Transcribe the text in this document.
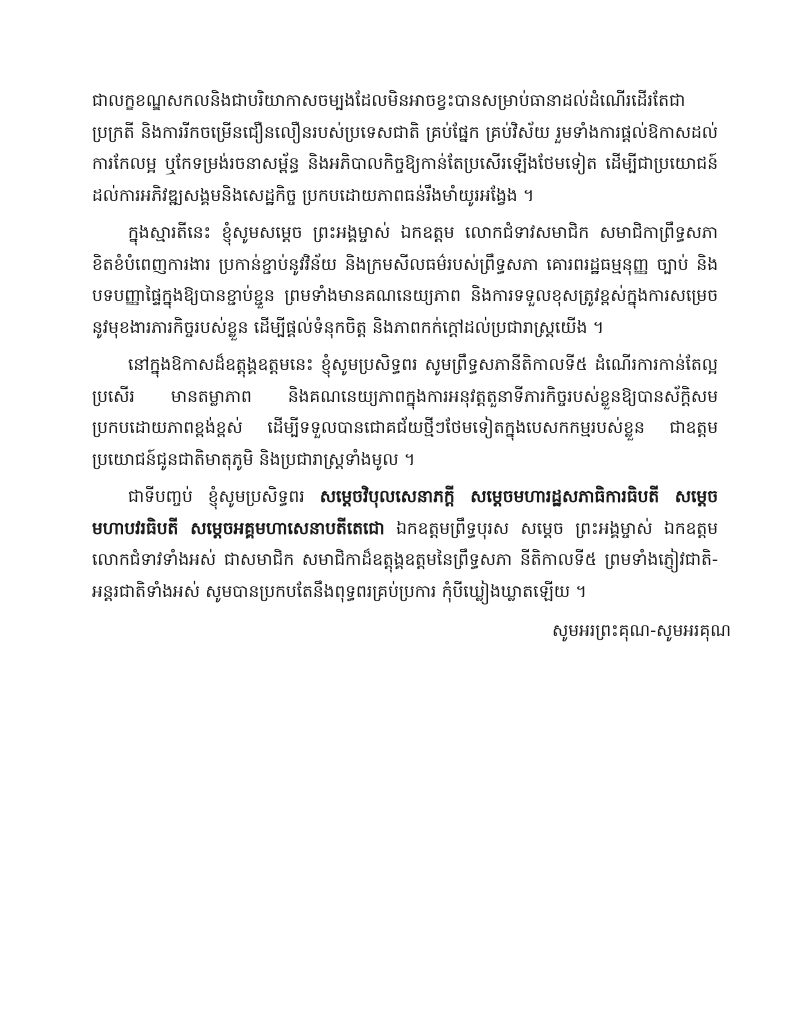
ជាលក្ខខណ្ឌសកលនិងជាបរិយាកាសចម្បងដែលមិនអាចខ្វះបានសម្រាប់ធានាដល់ដំណើរដើរតែជាប្រក្រតី និងការរីកចម្រើនជឿនលឿនរបស់ប្រទេសជាតិ គ្រប់ផ្នែក គ្រប់វិស័យ រួមទាំងការផ្តល់ឱកាសដល់ការកែលម្អ ឬកែទម្រង់រចនាសម្ព័ន្ធ និងអភិបាលកិច្ចឱ្យកាន់តែប្រសើរឡើងថែមទៀត ដើម្បីជាប្រយោជន៍ដល់ការអភិវឌ្ឍសង្គមនិងសេដ្ឋកិច្ច ប្រកបដោយភាពធន់រឹងមាំយូរអង្វែង ។

ក្នុងស្មារតីនេះ ខ្ញុំសូមសម្តេច ព្រះអង្គម្ចាស់ ឯកឧត្តម លោកជំទាវសមាជិក សមាជិកាព្រឹទ្ធសភា ខិតខំបំពេញការងារ ប្រកាន់ខ្ជាប់នូវវិន័យ និងក្រមសីលធម៌របស់ព្រឹទ្ធសភា គោរពរដ្ឋធម្មនុញ្ញ ច្បាប់ និងបទបញ្ញាផ្ទៃក្នុងឱ្យបានខ្ជាប់ខ្ជួន ព្រមទាំងមានគណនេយ្យភាព និងការទទួលខុសត្រូវខ្ពស់ក្នុងការសម្រេចនូវមុខងារភារកិច្ចរបស់ខ្លួន ដើម្បីផ្តល់ទំនុកចិត្ត និងភាពកក់ក្តៅដល់ប្រជារាស្ត្រយើង ។

នៅក្នុងឱកាសដ៏ឧត្តុង្គឧត្តមនេះ ខ្ញុំសូមប្រសិទ្ធពរ សូមព្រឹទ្ធសភានីតិកាលទី៥ ដំណើរការកាន់តែល្អប្រសើរ មានតម្លាភាព និងគណនេយ្យភាពក្នុងការអនុវត្តតួនាទីភារកិច្ចរបស់ខ្លួនឱ្យបានស័ក្តិសមប្រកបដោយភាពខ្ពង់ខ្ពស់ ដើម្បីទទួលបានជោគជ័យថ្មីៗថែមទៀតក្នុងបេសកកម្មរបស់ខ្លួន ជាឧត្តមប្រយោជន៍ជូនជាតិមាតុភូមិ និងប្រជារាស្ត្រទាំងមូល ។

ជាទីបញ្ចប់ ខ្ញុំសូមប្រសិទ្ធពរ សម្តេចវិបុលសេនាភក្តី សម្តេចមហារដ្ឋសភាធិការធិបតី សម្តេចមហាបវរធិបតី សម្តេចអគ្គមហាសេនាបតីតេជោ ឯកឧត្តមព្រឹទ្ធបុរស សម្តេច ព្រះអង្គម្ចាស់ ឯកឧត្តម លោកជំទាវទាំងអស់ ជាសមាជិក សមាជិកាដ៏ឧត្តុង្គឧត្តមនៃព្រឹទ្ធសភា នីតិកាលទី៥ ព្រមទាំងភ្ញៀវជាតិ-អន្តរជាតិទាំងអស់ សូមបានប្រកបតែនឹងពុទ្ធពរគ្រប់ប្រការ កុំបីឃ្លៀងឃ្លាតឡើយ ។

សូមអរព្រះគុណ-សូមអរគុណ
